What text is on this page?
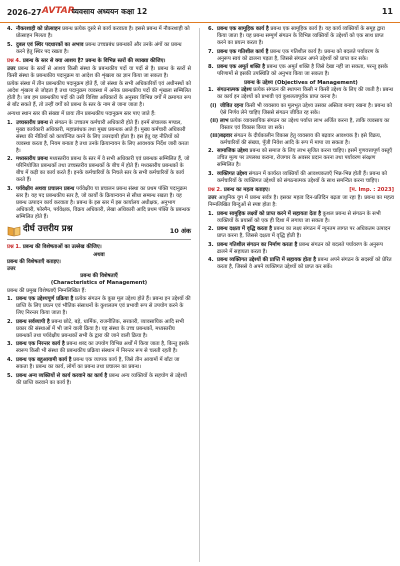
2026-27 AVTAR
व्यवसाय अध्ययन कक्षा 12	11
4. नौकरशाही को प्रोत्साहन प्रबन्ध प्रत्येक दूसरे से कार्य करवाता है। इससे प्रबन्ध में नौकरशाही को प्रोत्साहन मिलता है।
5. दुबल एवं स्थिर पदधारकों का अभाव प्रबन्ध उच्चप्रबंध प्रबन्धकों और उनके अंगों का प्रबन्ध करने हेतु स्थिर पद रखता है।
प्रश्न 4. प्रबन्ध के स्तर से क्या आशय है? प्रबन्ध के विभिन्न स्तरों की व्याख्या कीजिए।
उत्तर प्रबन्ध के स्तरों से आशय किसी संस्था के प्रबन्धकीय पदों या पदों से है। प्रबन्ध के स्तरों से किसी संस्था के प्रबन्धकीय पदानुक्रम या आदेश की शृंखला का ज्ञान किया जा सकता है।
प्रत्येक संस्था में तीन प्रबन्धकीय पदानुक्रम होते हैं, जो संस्था के सभी अधिकारियों एवं अधीनस्थों को आदेश शृंखला से जोड़ता है तथा पदानुक्रम व्यवस्था में अनेक प्रबन्धकीय पदों की शृंखला सम्मिलित होती है। जब हम प्रबन्धकीय पदों की उसी विशिष्ट अधिकारों के अनुसार विभिन्न वर्गों में क्रमागत रूप से बाँट सकते हैं, तो उन्हीं वर्गों को प्रबन्ध के स्तर के नाम से जाना जाता है।
अन्यथा स्थान स्तर की संख्या में प्रायः तीन प्रबन्धकीय पदानुक्रम स्तर पाए जाते हैं:
1. उच्चस्तरीय प्रबन्ध से संगठन के उच्चतम कर्मचारी अधिकारी होते हैं। इनमें संचालक मण्डल, मुख्य कार्यकारी अधिकारी, महाप्रबंधक तथा मुख्य प्रबन्धक आते हैं। मुख्य कर्मचारी अधिकारी संस्था की नीतियों को कार्यान्वित करने के लिए उत्तरदायी होता है। इस हेतु वह नीतियों को व्यवस्था करता है, नियम बनाता है तथा उनके क्रियान्वयन के लिए आवश्यक निर्देश जारी करता है।
2. मध्यस्तरीय प्रबन्ध मध्यस्तरीय प्रबन्ध के स्तर में वे सभी अधिकारी एवं प्रबन्धक सम्मिलित हैं, जो परिनियोजित प्रबन्धकों तथा उच्चस्तरीय प्रबन्धकों के बीच में होते हैं। मध्यस्तरीय प्रबन्धकों के बीच में कड़ी का कार्य करते हैं। इनके कर्मचारियों के निचले स्तर के सभी कर्मचारियों के कार्य करते हैं।
3. पर्यवेक्षीय अथवा प्रचालन प्रबन्ध पर्यवेक्षीय या प्रचालन प्रबन्ध संस्था का प्रथम पंक्ति पदानुक्रम स्तर है। यह पद प्रबन्धकीय स्तर है, जो कार्यों के क्रियान्वयन से सीधा सम्बन्ध रखता है। यह प्रबन्ध उत्पादन कार्य करवाता है। प्रबन्ध के इस स्तर में इस कार्यालय अधीक्षक, अनुभाग अधिकारी, फोरमैन, पर्यवेक्षक, विक्रय अधिकारी, लेखा अधिकारी आदि प्रथम पंक्ति के प्रबन्धक सम्मिलित होते हैं।
दीर्घ उत्तरीय प्रश्न	10 अंक
प्रश्न 1. प्रबन्ध की विशेषताओं का उल्लेख कीजिए।
अथवा
प्रबन्ध की विशेषताएँ बताइए।
उत्तर
प्रबन्ध की विशेषताएँ
(Characteristics of Management)
प्रबन्ध की प्रमुख विशेषताएँ निम्नलिखित हैं:
1. प्रबन्ध एक उद्देश्यपूर्ण प्रक्रिया है प्रत्येक संगठन के कुछ मूल उद्देश्य होते हैं। प्रबन्ध इन उद्देश्यों की प्राप्ति के लिए प्रयत्न एवं भौतिक संसाधनों के कुशलतम एवं प्रभावी रूप से उपयोग करने के लिए निरन्तर किया जाता है।
2. प्रबन्ध सर्वव्यापी है प्रबन्ध छोटे, बड़े, धार्मिक, राजनीतिक, सरकारी, व्यावसायिक आदि सभी प्रकार की संस्थाओं में भी जाने वाली क्रिया है। यह संस्था के उच्च प्रबन्धकों, मध्यस्तरीय प्रबन्धकों तथा पर्यवेक्षीय प्रबन्धकों सभी के द्वारा की जाने वाली क्रिया है।
3. प्रबन्ध एक निरन्तर कार्य है प्रबन्ध शब्द का उपयोग विभिन्न अर्थों में किया जाता है, किन्तु इसके स्वरूप किसी भी संस्था की प्रबन्धकीय प्रक्रिया संस्थान में निरन्तर रूप से चलती रहती है।
4. प्रबन्ध एक बहुआयामी कार्य है प्रबन्ध एक व्यापक कार्य है, जिसे तीन आयामों में बाँटा जा सकता है। प्रबन्ध का कार्य, लोगों का प्रबन्ध तथा प्रचालन का प्रबन्ध।
5. प्रबन्ध अन्य व्यक्तियों से कार्य करवाने का कार्य है प्रबन्ध अन्य व्यक्तियों के सहयोग से उद्देश्यों की प्राप्ति करवाने का कार्य है।
6. प्रबन्ध एक सामूहिक कार्य है प्रबन्ध एक सामूहिक कार्य है। यह कार्य व्यक्तियों के समूह द्वारा किया जाता है। यह प्रबन्ध सम्पूर्ण संगठन के विभिन्न व्यक्तियों के उद्देश्यों को एक साथ प्राप्त करने का प्रयत्न करता है।
7. प्रबन्ध एक गतिशील कार्य है प्रबन्ध एक गतिशील कार्य है। प्रबन्ध को बदलते पर्यावरण के अनुरूप स्वयं को ढालना पड़ता है, जिससे संगठन अपने उद्देश्यों को प्राप्त कर सके।
8. प्रबन्ध एक अमूर्त शक्ति है प्रबन्ध एक अमूर्त शक्ति है जिसे देखा नहीं जा सकता, परन्तु इसके परिणामों से इसकी उपस्थिति को अनुभव किया जा सकता है।
प्रबन्ध के उद्देश्य (Objectives of Management)
1. संगठनात्मक उद्देश्य प्रत्येक संगठन की स्थापना किसी न किसी उद्देश्य के लिए की जाती है। प्रबन्ध का कार्य इन उद्देश्यों को प्रभावी एवं कुशलतापूर्वक प्राप्त करना है।
(i) जीवित रहना किसी भी व्यवसाय का मूलभूत उद्देश्य उसका अस्तित्व बनाए रखना है। प्रबन्ध को ऐसे निर्णय लेने चाहिए जिससे संगठन जीवित रह सके।
(ii) लाभ प्रत्येक व्यावसायिक संगठन का उद्देश्य पर्याप्त लाभ अर्जित करना है, ताकि व्यवसाय का विस्तार एवं विकास किया जा सके।
(iii) बढ़वार संगठन के दीर्घकालीन विकास हेतु व्यवसाय की बढ़वार आवश्यक है। इसे विक्रय, कर्मचारियों की संख्या, पूँजी निवेश आदि के रूप में मापा जा सकता है।
2. सामाजिक उद्देश्य प्रबन्ध को समाज के लिए लाभ सृजित करना चाहिए। इसमें गुणवत्तापूर्ण वस्तुएँ उचित मूल्य पर उपलब्ध कराना, रोजगार के अवसर प्रदान करना तथा पर्यावरण संरक्षण सम्मिलित है।
3. व्यक्तिगत उद्देश्य संगठन में कार्यरत व्यक्तियों की आवश्यकताएँ भिन्न-भिन्न होती हैं। प्रबन्ध को कर्मचारियों के व्यक्तिगत उद्देश्यों को संगठनात्मक उद्देश्यों के साथ समन्वित करना चाहिए।
प्रश्न 2. प्रबन्ध का महत्व बताइए।	[म. Imp. : 2023]
उत्तर आधुनिक युग में प्रबन्ध सर्वत्र है। इसका महत्व दिन-प्रतिदिन बढ़ता जा रहा है। प्रबन्ध का महत्व निम्नलिखित बिन्दुओं से स्पष्ट होता है:
1. प्रबन्ध सामूहिक लक्ष्यों को प्राप्त करने में सहायता देता है कुशल प्रबन्ध से संगठन के सभी व्यक्तियों के प्रयासों को एक ही दिशा में लगाया जा सकता है।
2. प्रबन्ध दक्षता में वृद्धि करता है प्रबन्ध का लक्ष्य संगठन में न्यूनतम लागत पर अधिकतम उत्पादन प्राप्त करना है, जिससे दक्षता में वृद्धि होती है।
3. प्रबन्ध गतिशील संगठन का निर्माण करता है प्रबन्ध संगठन को बदलते पर्यावरण के अनुरूप ढालने में सहायता करता है।
4. प्रबन्ध व्यक्तिगत उद्देश्यों की प्राप्ति में सहायक होता है प्रबन्ध अपने संगठन के सदस्यों को प्रेरित करता है, जिससे वे अपने व्यक्तिगत उद्देश्यों को प्राप्त कर सकें।
